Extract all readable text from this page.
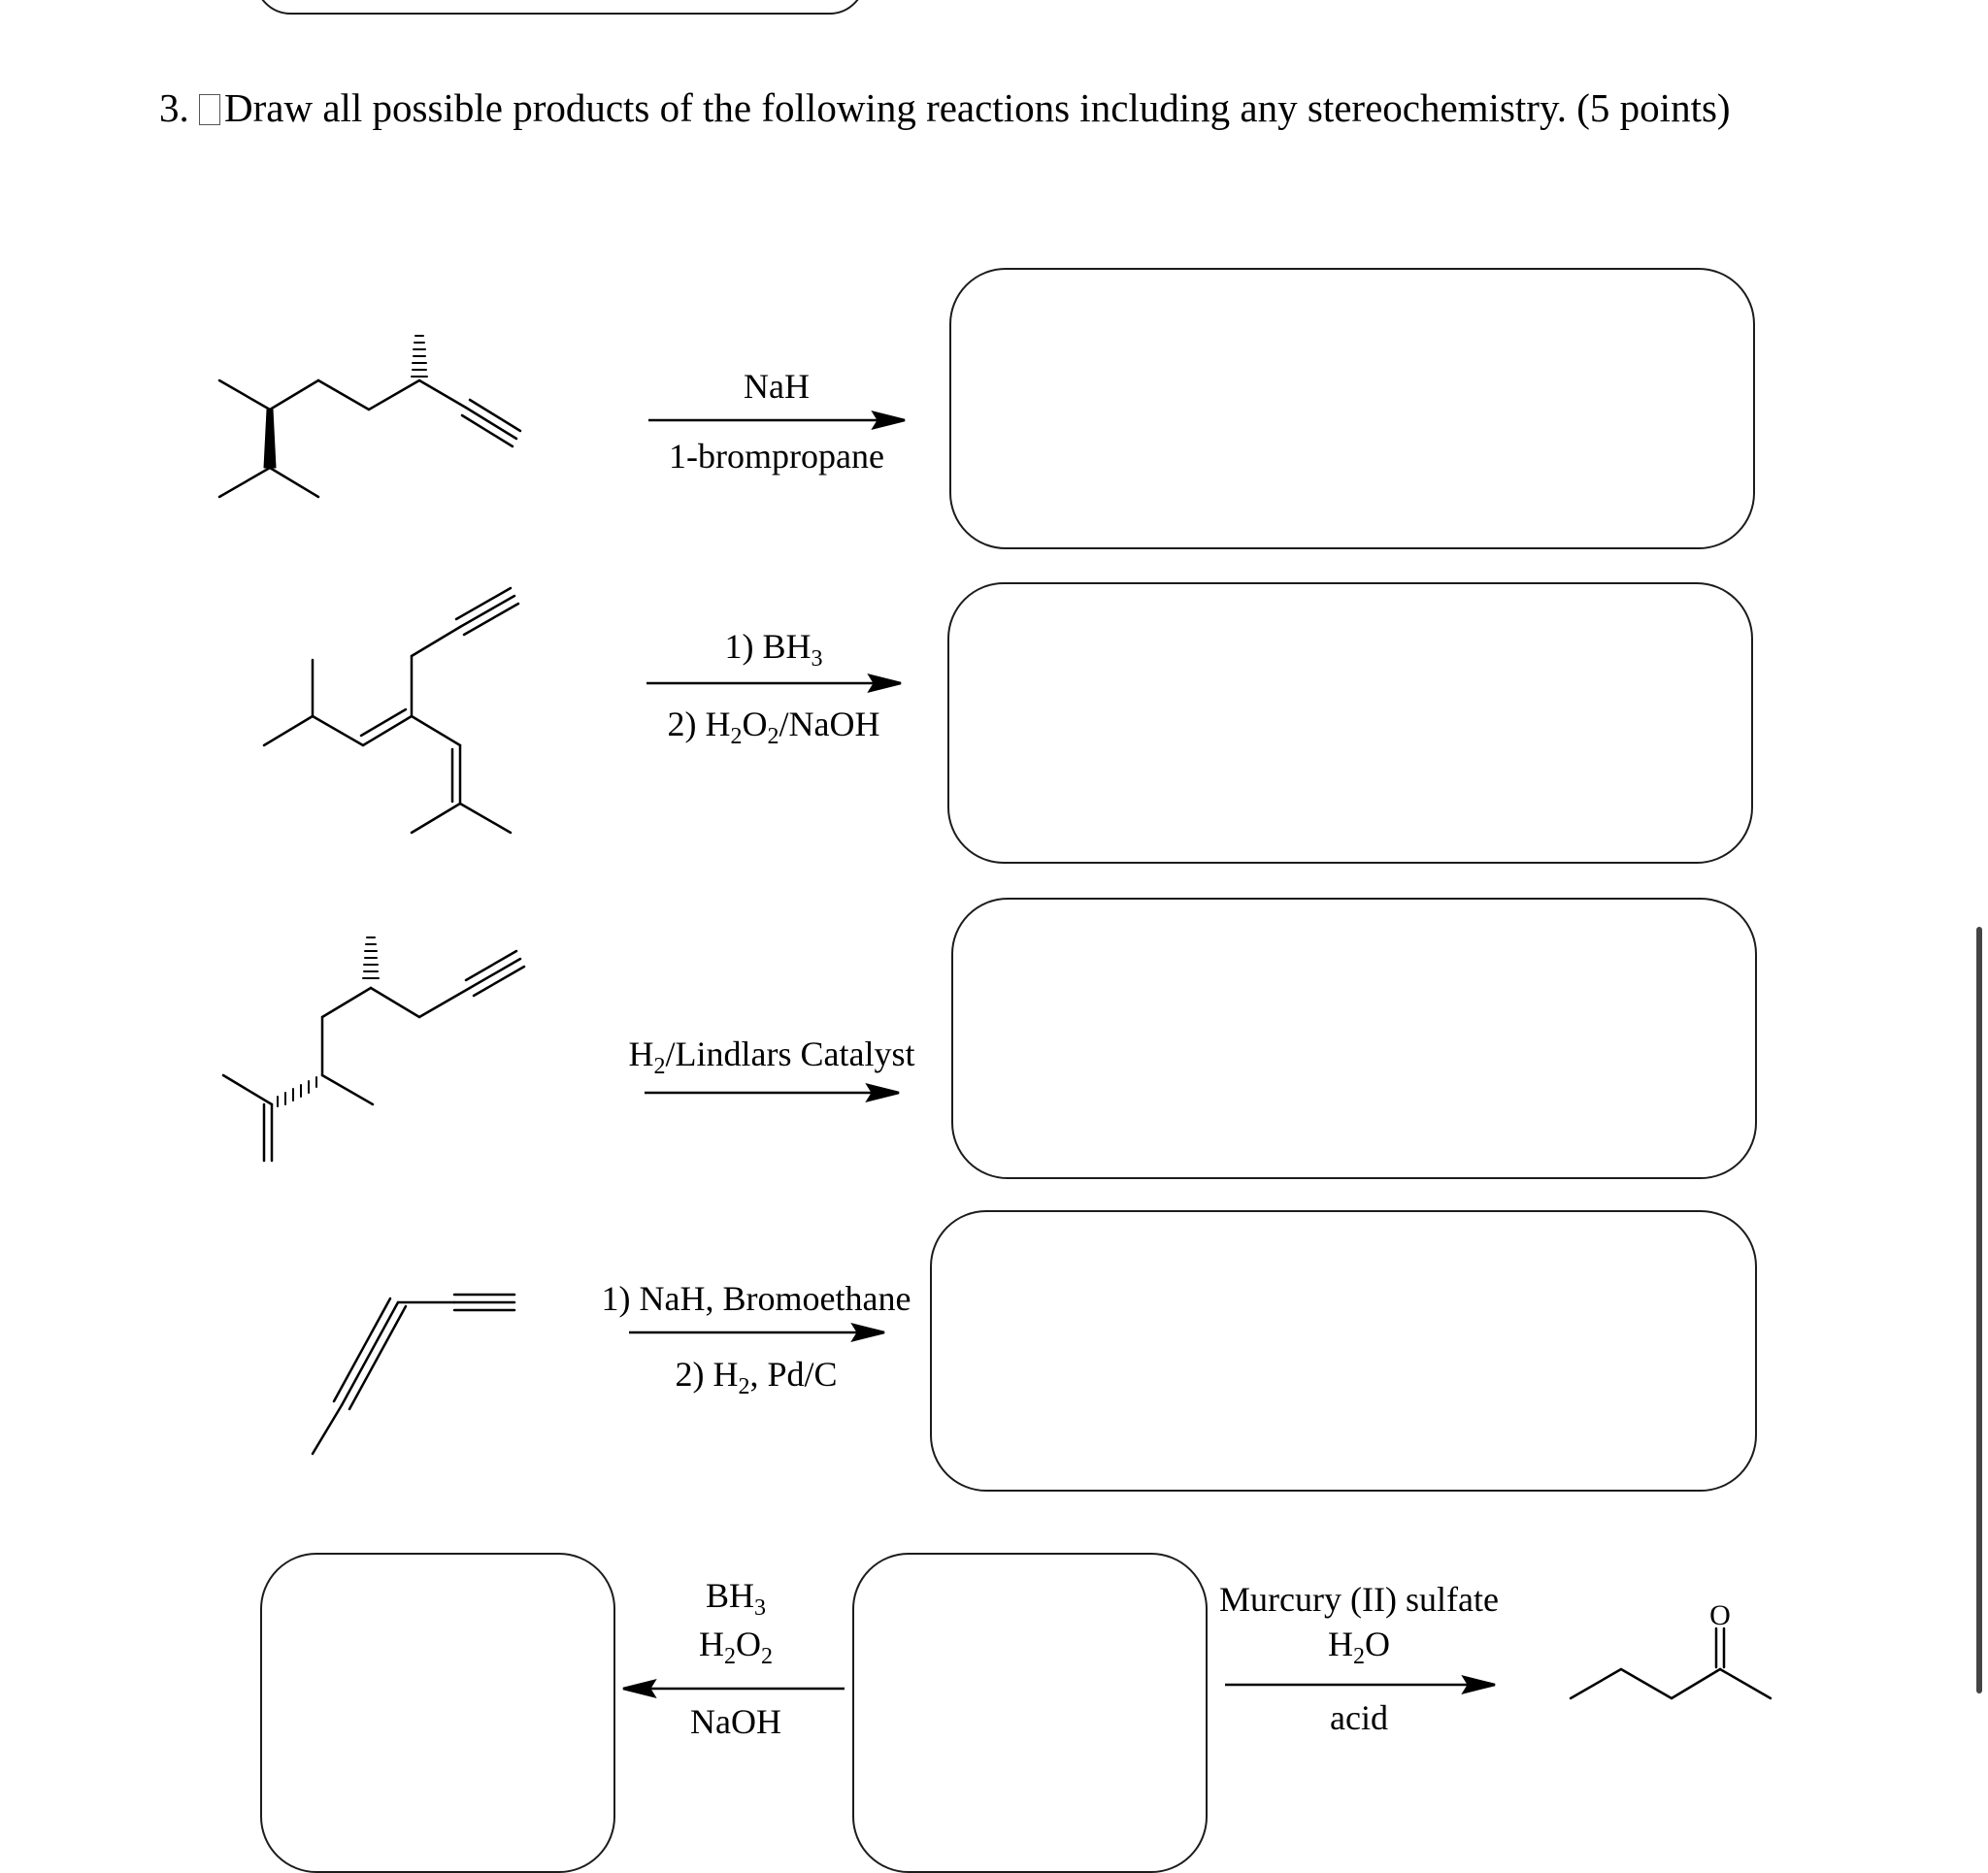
3. Draw all possible products of the following reactions including any stereochemistry. (5 points)
NaH
1-brompropane
1) $BH_3$
2) $H_2O_2$/NaOH
$H_2$/Lindlars Catalyst
1) NaH, Bromoethane
2) $H_2$, Pd/C
$BH_3$
$H_2O_2$
NaOH
Murcury (II) sulfate
$H_2O$
acid
O
